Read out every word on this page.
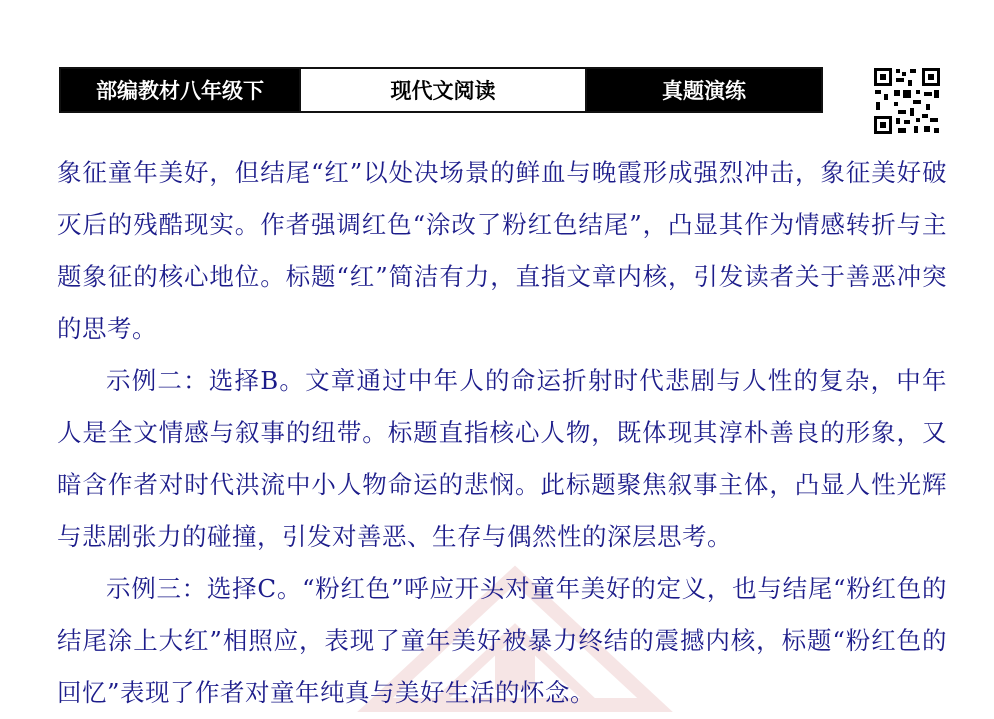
部编教材八年级下	现代文阅读	真题演练

象征童年美好，但结尾“红”以处决场景的鲜血与晚霞形成强烈冲击，象征美好破灭后的残酷现实。作者强调红色“涂改了粉红色结尾”，凸显其作为情感转折与主题象征的核心地位。标题“红”简洁有力，直指文章内核，引发读者关于善恶冲突的思考。

示例二：选择B。文章通过中年人的命运折射时代悲剧与人性的复杂，中年人是全文情感与叙事的纽带。标题直指核心人物，既体现其淳朴善良的形象，又暗含作者对时代洪流中小人物命运的悲悯。此标题聚焦叙事主体，凸显人性光辉与悲剧张力的碰撞，引发对善恶、生存与偶然性的深层思考。

示例三：选择C。“粉红色”呼应开头对童年美好的定义，也与结尾“粉红色的结尾涂上大红”相照应，表现了童年美好被暴力终结的震撼内核，标题“粉红色的回忆”表现了作者对童年纯真与美好生活的怀念。
